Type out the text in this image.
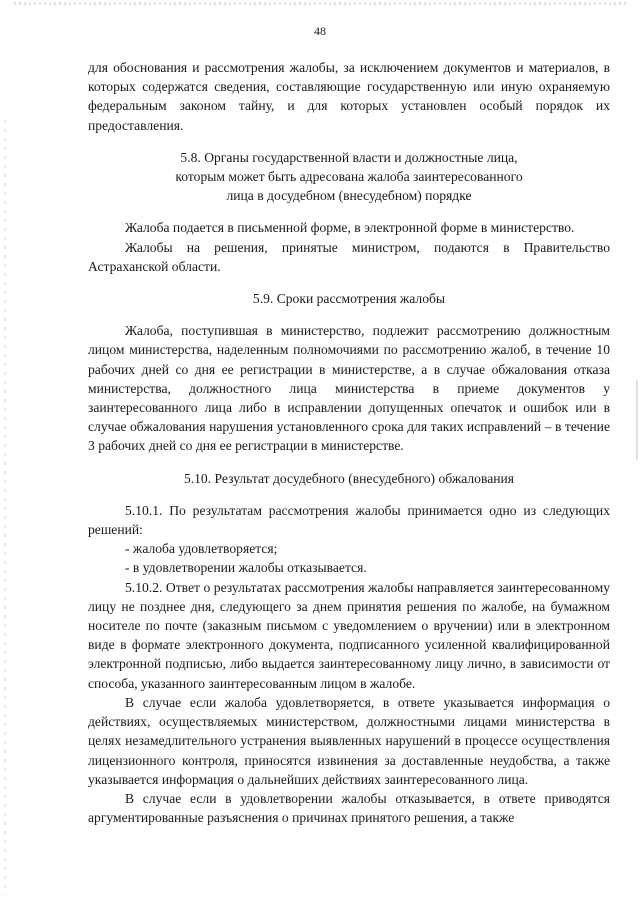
48

для обоснования и рассмотрения жалобы, за исключением документов и материалов, в которых содержатся сведения, составляющие государственную или иную охраняемую федеральным законом тайну, и для которых установлен особый порядок их предоставления.

5.8. Органы государственной власти и должностные лица,

которым может быть адресована жалоба заинтересованного

лица в досудебном (внесудебном) порядке

Жалоба подается в письменной форме, в электронной форме в министерство.

Жалобы на решения, принятые министром, подаются в Правительство Астраханской области.

5.9. Сроки рассмотрения жалобы

Жалоба, поступившая в министерство, подлежит рассмотрению должностным лицом министерства, наделенным полномочиями по рассмотрению жалоб, в течение 10 рабочих дней со дня ее регистрации в министерстве, а в случае обжалования отказа министерства, должностного лица министерства в приеме документов у заинтересованного лица либо в исправлении допущенных опечаток и ошибок или в случае обжалования нарушения установленного срока для таких исправлений – в течение 3 рабочих дней со дня ее регистрации в министерстве.

5.10. Результат досудебного (внесудебного) обжалования

5.10.1. По результатам рассмотрения жалобы принимается одно из следующих решений:

- жалоба удовлетворяется;

- в удовлетворении жалобы отказывается.

5.10.2. Ответ о результатах рассмотрения жалобы направляется заинтересованному лицу не позднее дня, следующего за днем принятия решения по жалобе, на бумажном носителе по почте (заказным письмом с уведомлением о вручении) или в электронном виде в формате электронного документа, подписанного усиленной квалифицированной электронной подписью, либо выдается заинтересованному лицу лично, в зависимости от способа, указанного заинтересованным лицом в жалобе.

В случае если жалоба удовлетворяется, в ответе указывается информация о действиях, осуществляемых министерством, должностными лицами министерства в целях незамедлительного устранения выявленных нарушений в процессе осуществления лицензионного контроля, приносятся извинения за доставленные неудобства, а также указывается информация о дальнейших действиях заинтересованного лица.

В случае если в удовлетворении жалобы отказывается, в ответе приводятся аргументированные разъяснения о причинах принятого решения, а также
